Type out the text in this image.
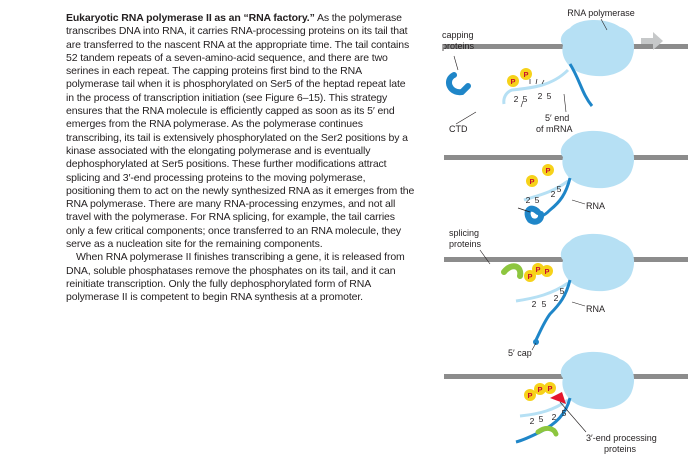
Eukaryotic RNA polymerase II as an “RNA factory.” As the polymerase transcribes DNA into RNA, it carries RNA-processing proteins on its tail that are transferred to the nascent RNA at the appropriate time. The tail contains 52 tandem repeats of a seven-amino-acid sequence, and there are two serines in each repeat. The capping proteins first bind to the RNA polymerase tail when it is phosphorylated on Ser5 of the heptad repeat late in the process of transcription initiation (see Figure 6–15). This strategy ensures that the RNA molecule is efficiently capped as soon as its 5′ end emerges from the RNA polymerase. As the polymerase continues transcribing, its tail is extensively phosphorylated on the Ser2 positions by a kinase associated with the elongating polymerase and is eventually dephosphorylated at Ser5 positions. These further modifications attract splicing and 3′-end processing proteins to the moving polymerase, positioning them to act on the newly synthesized RNA as it emerges from the RNA polymerase. There are many RNA-processing enzymes, and not all travel with the polymerase. For RNA splicing, for example, the tail carries only a few critical components; once transferred to an RNA molecule, they serve as a nucleation site for the remaining components.

When RNA polymerase II finishes transcribing a gene, it is released from DNA, soluble phosphatases remove the phosphates on its tail, and it can reinitiate transcription. Only the fully dephosphorylated form of RNA polymerase II is competent to begin RNA synthesis at a promoter.

P
P
2 5 2 5
RNA polymerase
capping
proteins
CTD
5′ end
of mRNA
P
P
2 5
2 5
RNA
P
P P
2 5
2
5
splicing
proteins
RNA
5′ cap
P
P P
2 5 2 5
3′-end processing
proteins
